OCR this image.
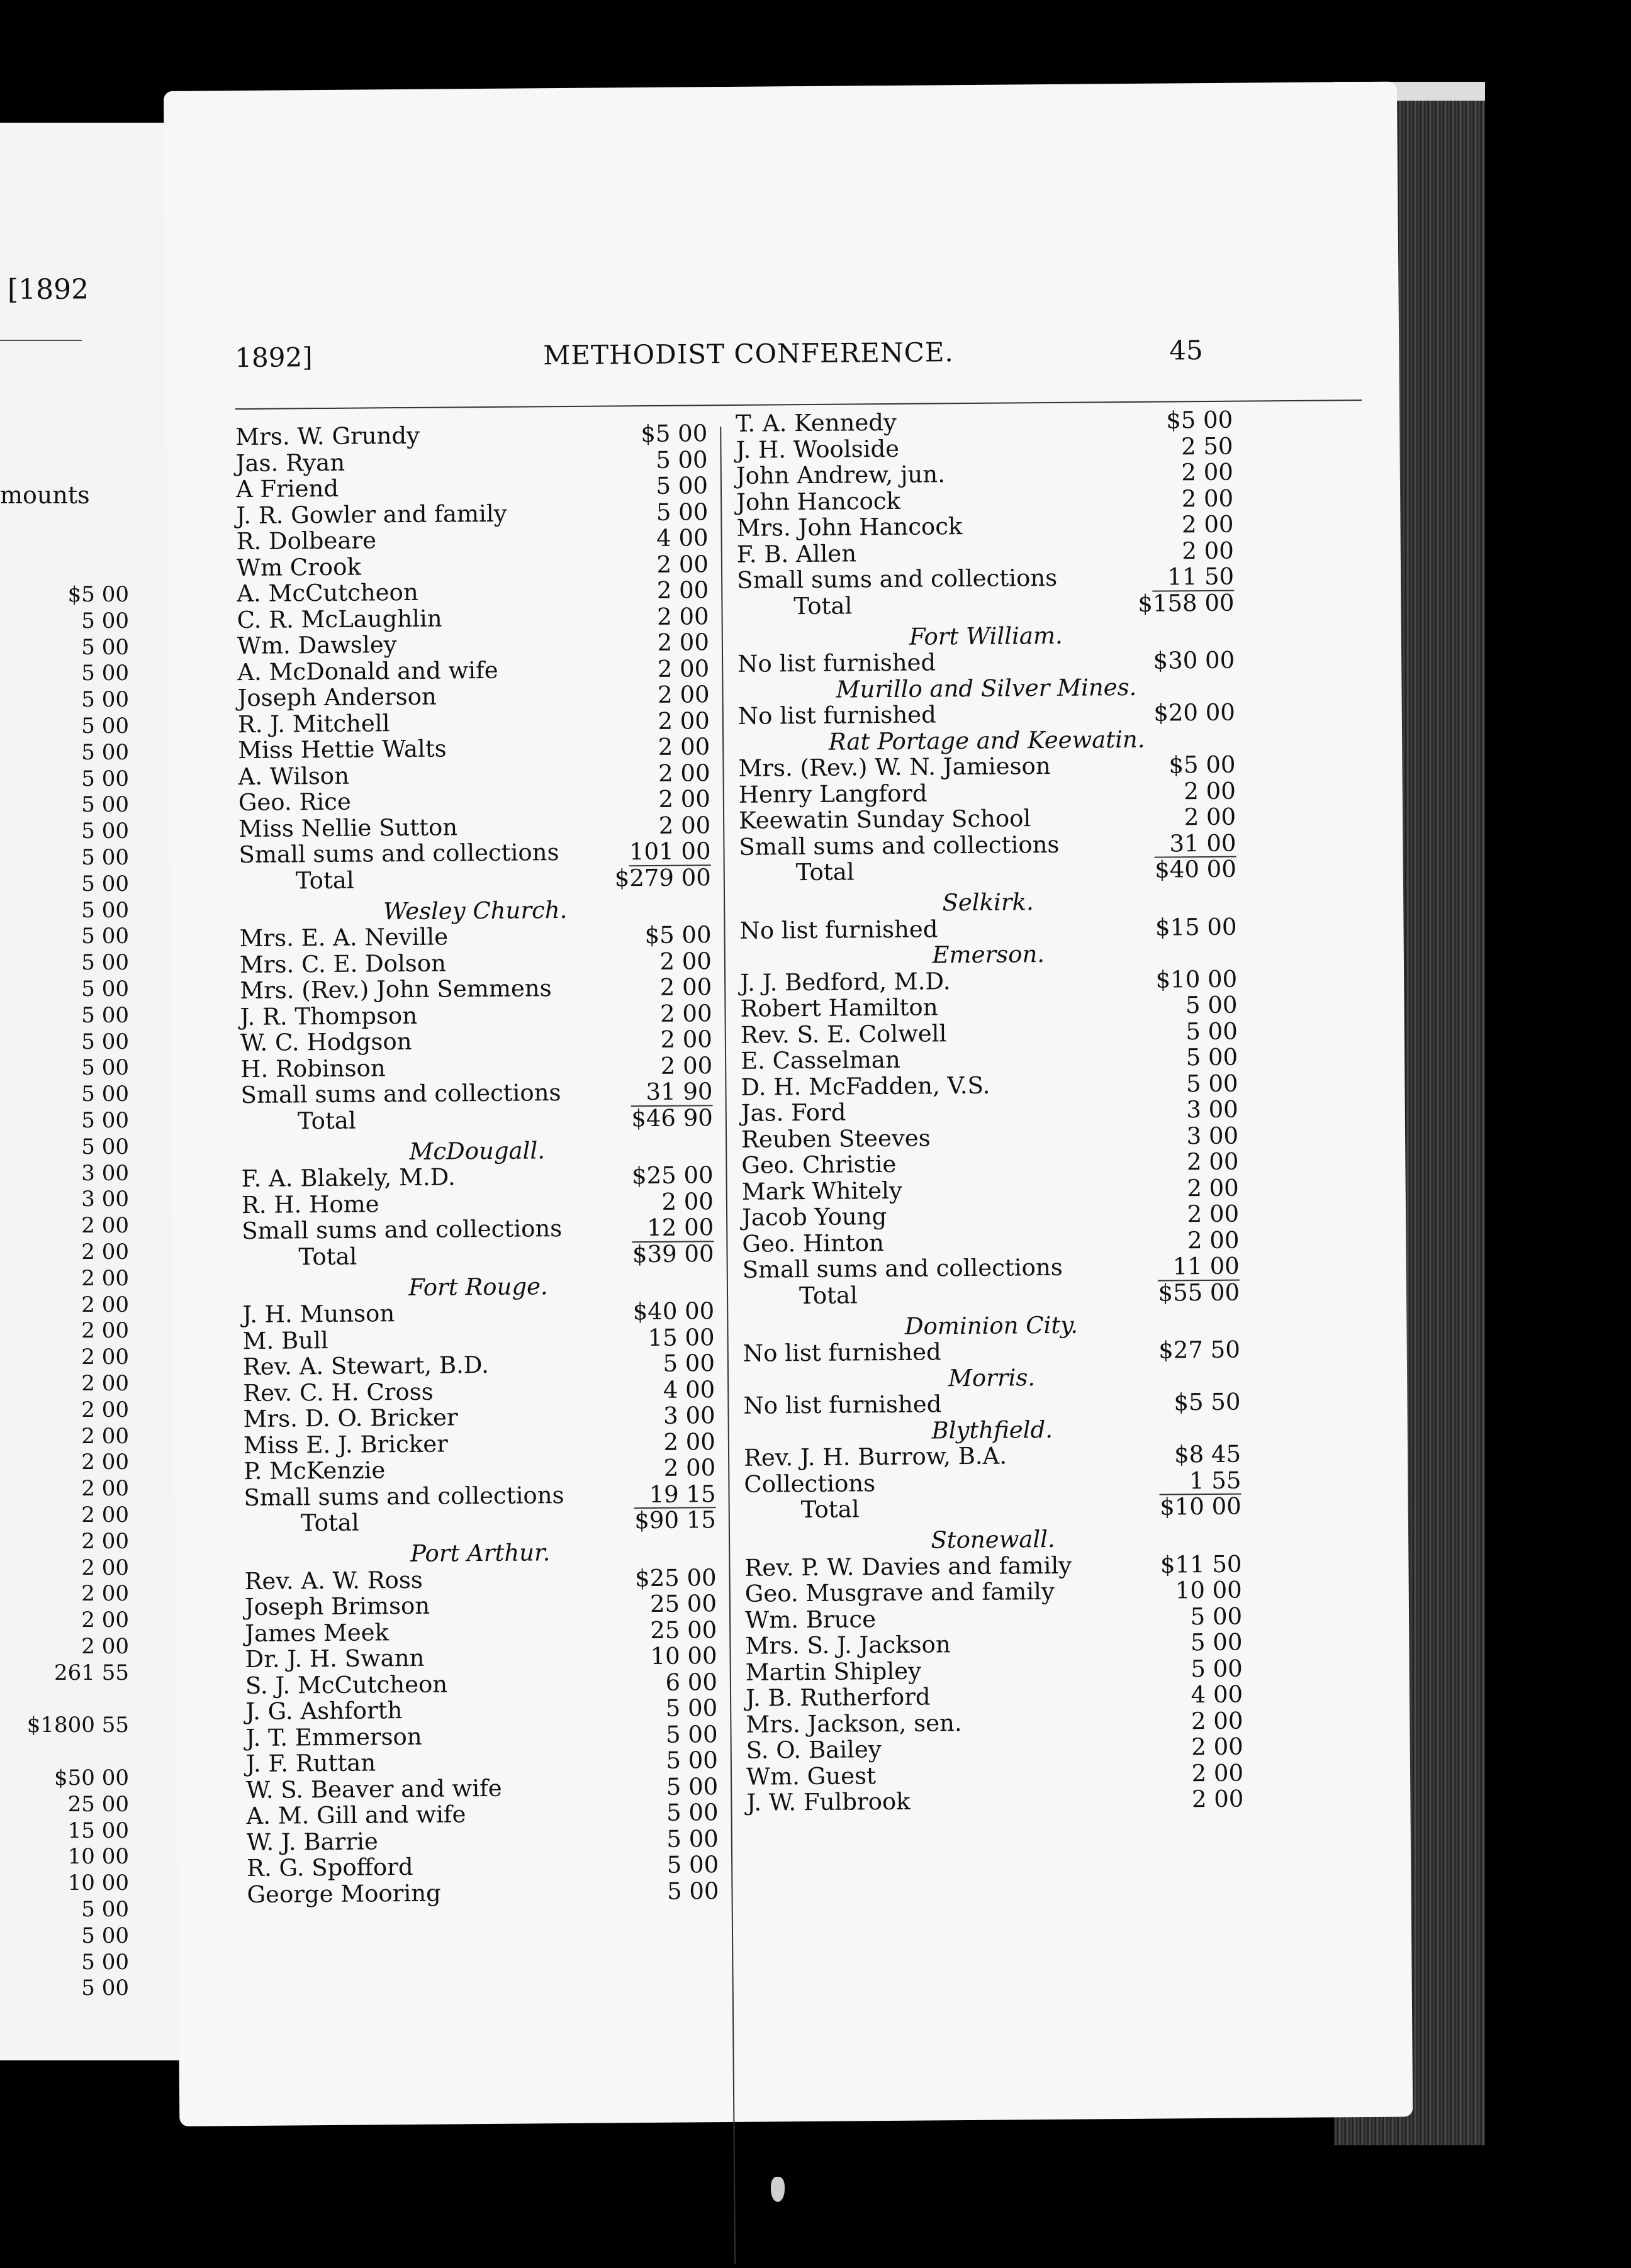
[1892
mounts
$5 00
5 00
5 00
5 00
5 00
5 00
5 00
5 00
5 00
5 00
5 00
5 00
5 00
5 00
5 00
5 00
5 00
5 00
5 00
5 00
5 00
5 00
3 00
3 00
2 00
2 00
2 00
2 00
2 00
2 00
2 00
2 00
2 00
2 00
2 00
2 00
2 00
2 00
2 00
2 00
2 00
261 55
$1800 55
$50 00
25 00
15 00
10 00
10 00
5 00
5 00
5 00
5 00
1892]	METHODIST CONFERENCE.	45
Mrs. W. Grundy	$5 00
Jas. Ryan	5 00
A Friend	5 00
J. R. Gowler and family	5 00
R. Dolbeare	4 00
Wm Crook	2 00
A. McCutcheon	2 00
C. R. McLaughlin	2 00
Wm. Dawsley	2 00
A. McDonald and wife	2 00
Joseph Anderson	2 00
R. J. Mitchell	2 00
Miss Hettie Walts	2 00
A. Wilson	2 00
Geo. Rice	2 00
Miss Nellie Sutton	2 00
Small sums and collections	101 00
Total	$279 00
Wesley Church.
Mrs. E. A. Neville	$5 00
Mrs. C. E. Dolson	2 00
Mrs. (Rev.) John Semmens	2 00
J. R. Thompson	2 00
W. C. Hodgson	2 00
H. Robinson	2 00
Small sums and collections	31 90
Total	$46 90
McDougall.
F. A. Blakely, M.D.	$25 00
R. H. Home	2 00
Small sums and collections	12 00
Total	$39 00
Fort Rouge.
J. H. Munson	$40 00
M. Bull	15 00
Rev. A. Stewart, B.D.	5 00
Rev. C. H. Cross	4 00
Mrs. D. O. Bricker	3 00
Miss E. J. Bricker	2 00
P. McKenzie	2 00
Small sums and collections	19 15
Total	$90 15
Port Arthur.
Rev. A. W. Ross	$25 00
Joseph Brimson	25 00
James Meek	25 00
Dr. J. H. Swann	10 00
S. J. McCutcheon	6 00
J. G. Ashforth	5 00
J. T. Emmerson	5 00
J. F. Ruttan	5 00
W. S. Beaver and wife	5 00
A. M. Gill and wife	5 00
W. J. Barrie	5 00
R. G. Spofford	5 00
George Mooring	5 00
T. A. Kennedy	$5 00
J. H. Woolside	2 50
John Andrew, jun.	2 00
John Hancock	2 00
Mrs. John Hancock	2 00
F. B. Allen	2 00
Small sums and collections	11 50
Total	$158 00
Fort William.
No list furnished	$30 00
Murillo and Silver Mines.
No list furnished	$20 00
Rat Portage and Keewatin.
Mrs. (Rev.) W. N. Jamieson	$5 00
Henry Langford	2 00
Keewatin Sunday School	2 00
Small sums and collections	31 00
Total	$40 00
Selkirk.
No list furnished	$15 00
Emerson.
J. J. Bedford, M.D.	$10 00
Robert Hamilton	5 00
Rev. S. E. Colwell	5 00
E. Casselman	5 00
D. H. McFadden, V.S.	5 00
Jas. Ford	3 00
Reuben Steeves	3 00
Geo. Christie	2 00
Mark Whitely	2 00
Jacob Young	2 00
Geo. Hinton	2 00
Small sums and collections	11 00
Total	$55 00
Dominion City.
No list furnished	$27 50
Morris.
No list furnished	$5 50
Blythfield.
Rev. J. H. Burrow, B.A.	$8 45
Collections	1 55
Total	$10 00
Stonewall.
Rev. P. W. Davies and family	$11 50
Geo. Musgrave and family	10 00
Wm. Bruce	5 00
Mrs. S. J. Jackson	5 00
Martin Shipley	5 00
J. B. Rutherford	4 00
Mrs. Jackson, sen.	2 00
S. O. Bailey	2 00
Wm. Guest	2 00
J. W. Fulbrook	2 00
